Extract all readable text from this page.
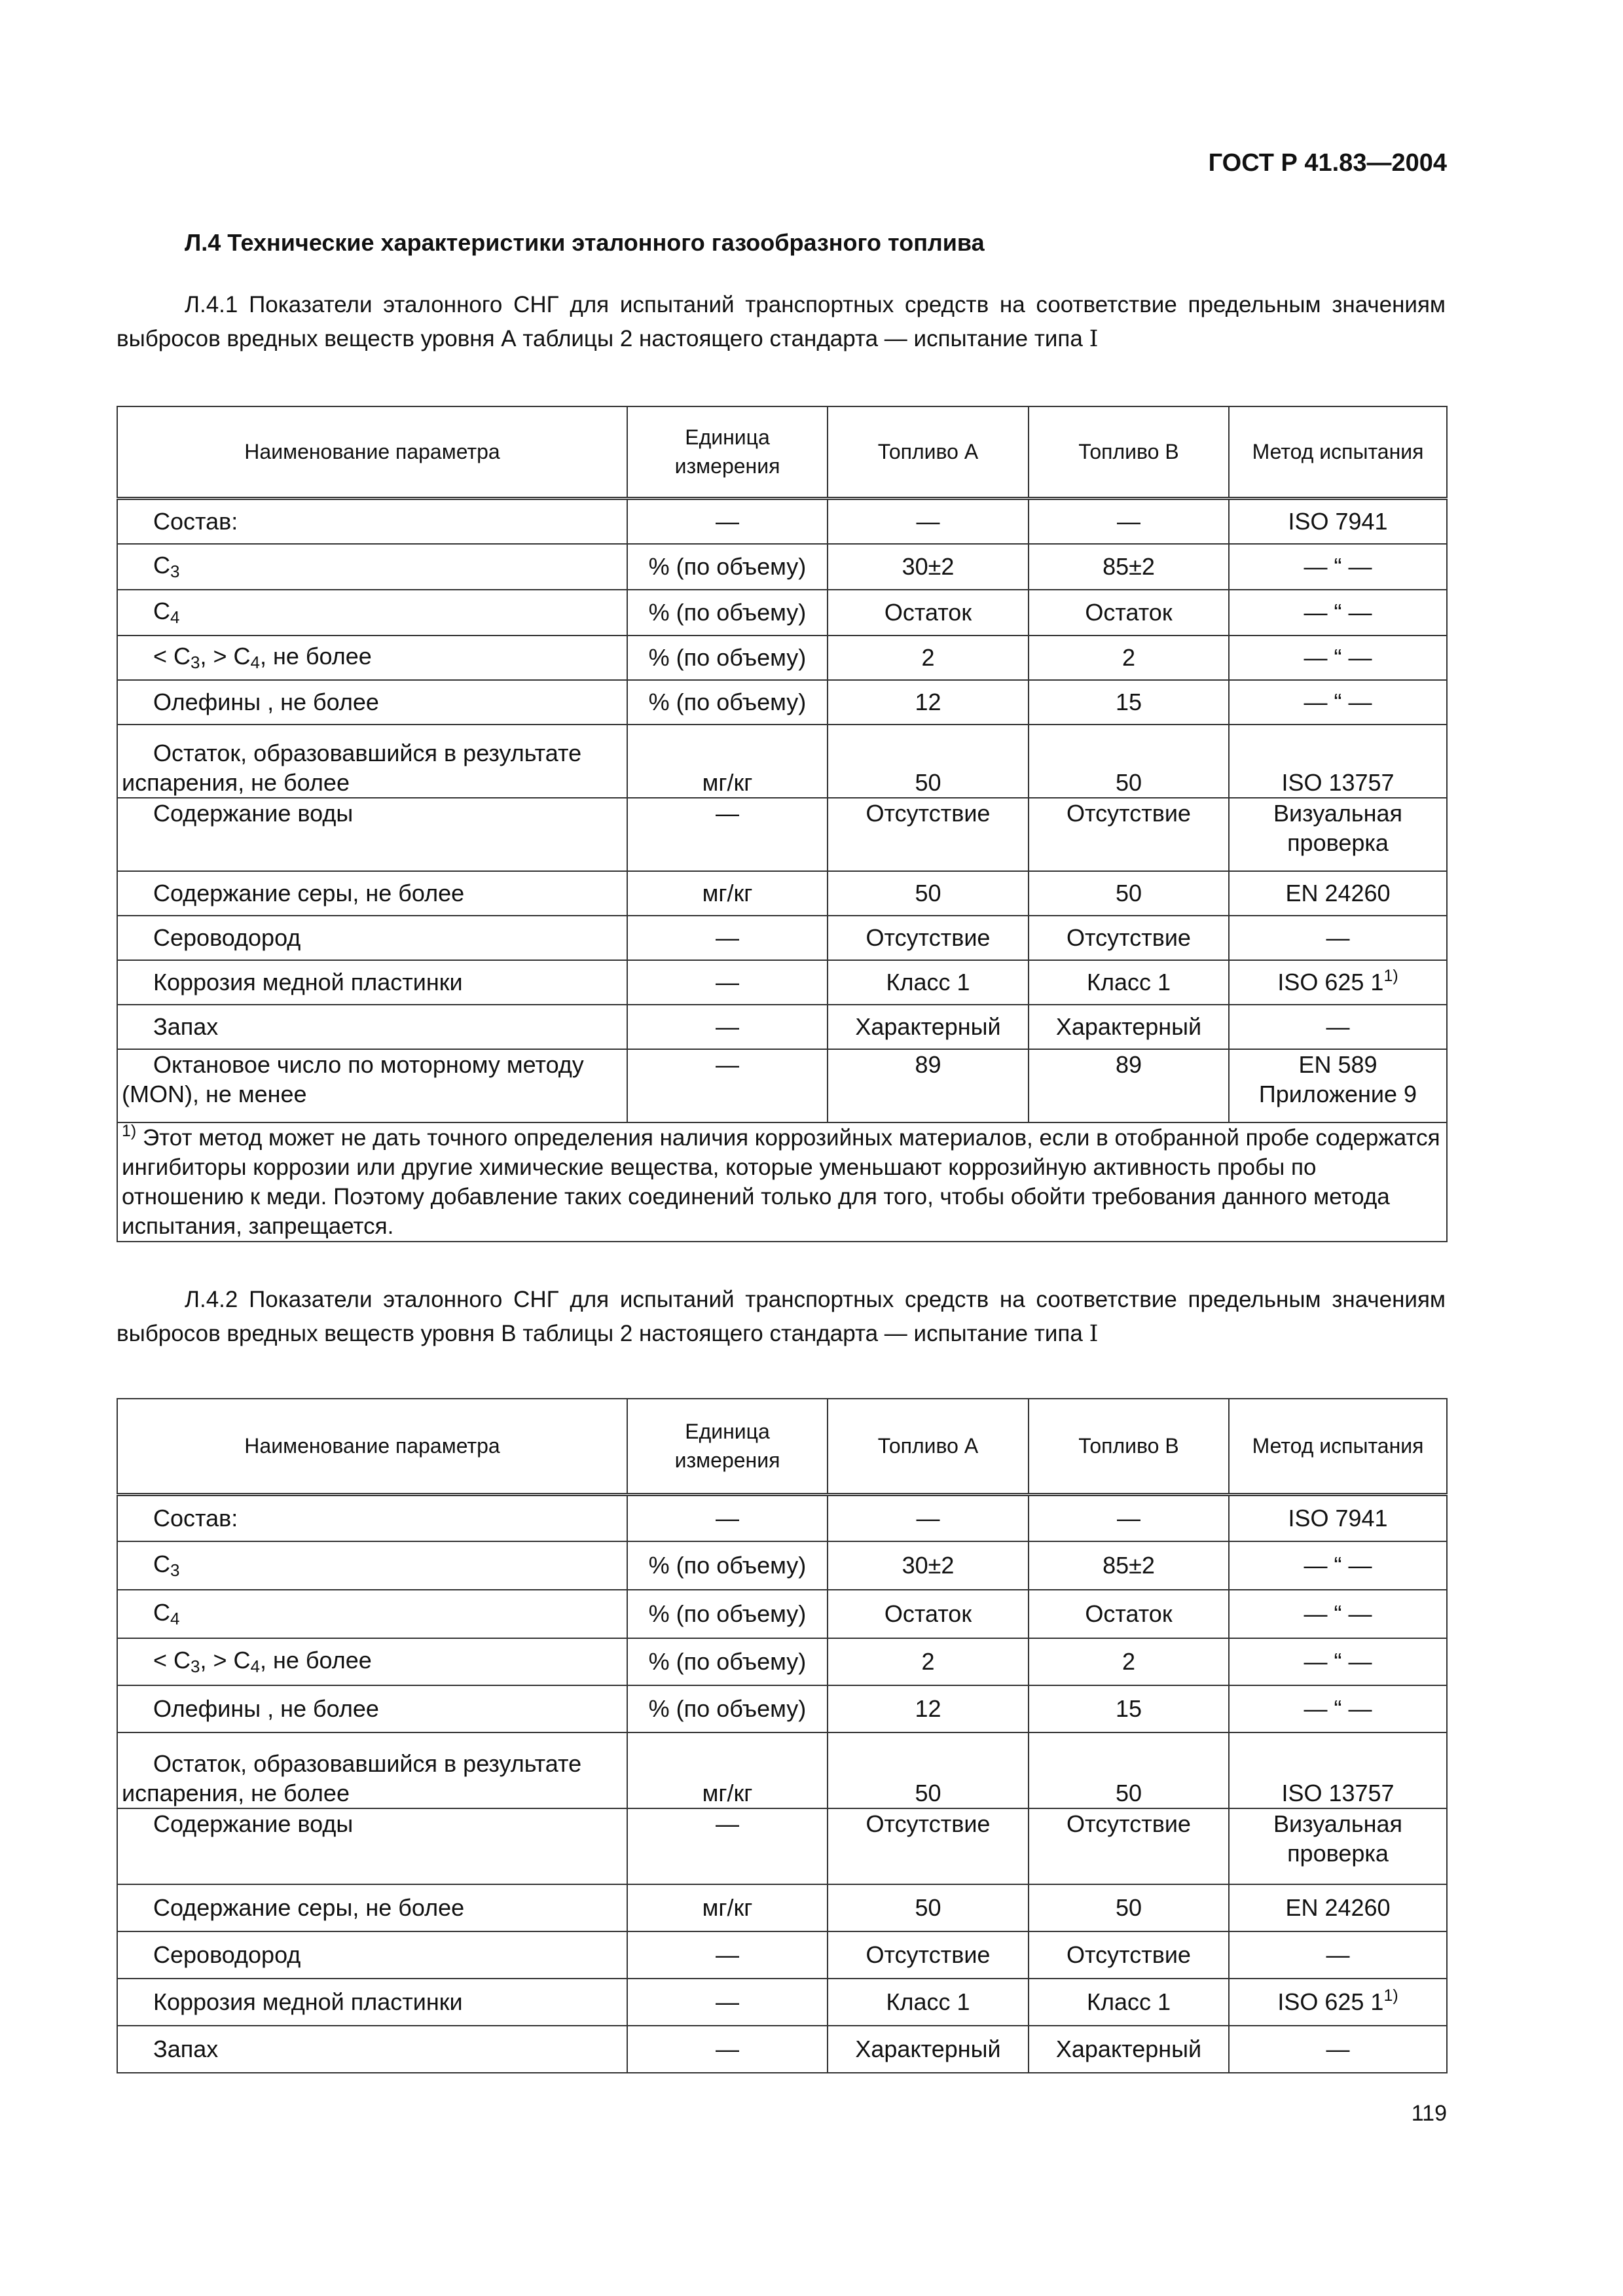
ГОСТ Р 41.83—2004
Л.4 Технические характеристики эталонного газообразного топлива
Л.4.1 Показатели эталонного СНГ для испытаний транспортных средств на соответствие предельным значениям выбросов вредных веществ уровня А таблицы 2 настоящего стандарта — испытание типа I
Наименование параметра	Единица измерения	Топливо А	Топливо В	Метод испытания
Состав:	—	—	—	ISO 7941
$C_3$	% (по объему)	30±2	85±2	— “ —
$C_4$	% (по объему)	Остаток	Остаток	— “ —
< $C_3$, > $C_4$, не более	% (по объему)	2	2	— “ —
Олефины , не более	% (по объему)	12	15	— “ —
Остаток, образовавшийся в результате
испарения, не более	мг/кг	50	50	ISO 13757
Содержание воды	—	Отсутствие	Отсутствие	Визуальная проверка
Содержание серы, не более	мг/кг	50	50	EN 24260
Сероводород	—	Отсутствие	Отсутствие	—
Коррозия медной пластинки	—	Класс 1	Класс 1	ISO 625 1$^{1)}$
Запах	—	Характерный	Характерный	—
Октановое число по моторному методу
(MON), не менее	—	89	89	EN 589
Приложение 9
$^{1)}$ Этот метод может не дать точного определения наличия коррозийных материалов, если в отобранной пробе содержатся ингибиторы коррозии или другие химические вещества, которые уменьшают коррозийную активность пробы по отношению к меди. Поэтому добавление таких соединений только для того, чтобы обойти требования данного метода испытания, запрещается.				
Л.4.2 Показатели эталонного СНГ для испытаний транспортных средств на соответствие предельным значениям выбросов вредных веществ уровня В таблицы 2 настоящего стандарта — испытание типа I
Наименование параметра	Единица измерения	Топливо А	Топливо В	Метод испытания
Состав:	—	—	—	ISO 7941
$C_3$	% (по объему)	30±2	85±2	— “ —
$C_4$	% (по объему)	Остаток	Остаток	— “ —
< $C_3$, > $C_4$, не более	% (по объему)	2	2	— “ —
Олефины , не более	% (по объему)	12	15	— “ —
Остаток, образовавшийся в результате
испарения, не более	мг/кг	50	50	ISO 13757
Содержание воды	—	Отсутствие	Отсутствие	Визуальная проверка
Содержание серы, не более	мг/кг	50	50	EN 24260
Сероводород	—	Отсутствие	Отсутствие	—
Коррозия медной пластинки	—	Класс 1	Класс 1	ISO 625 1$^{1)}$
Запах	—	Характерный	Характерный	—
119
